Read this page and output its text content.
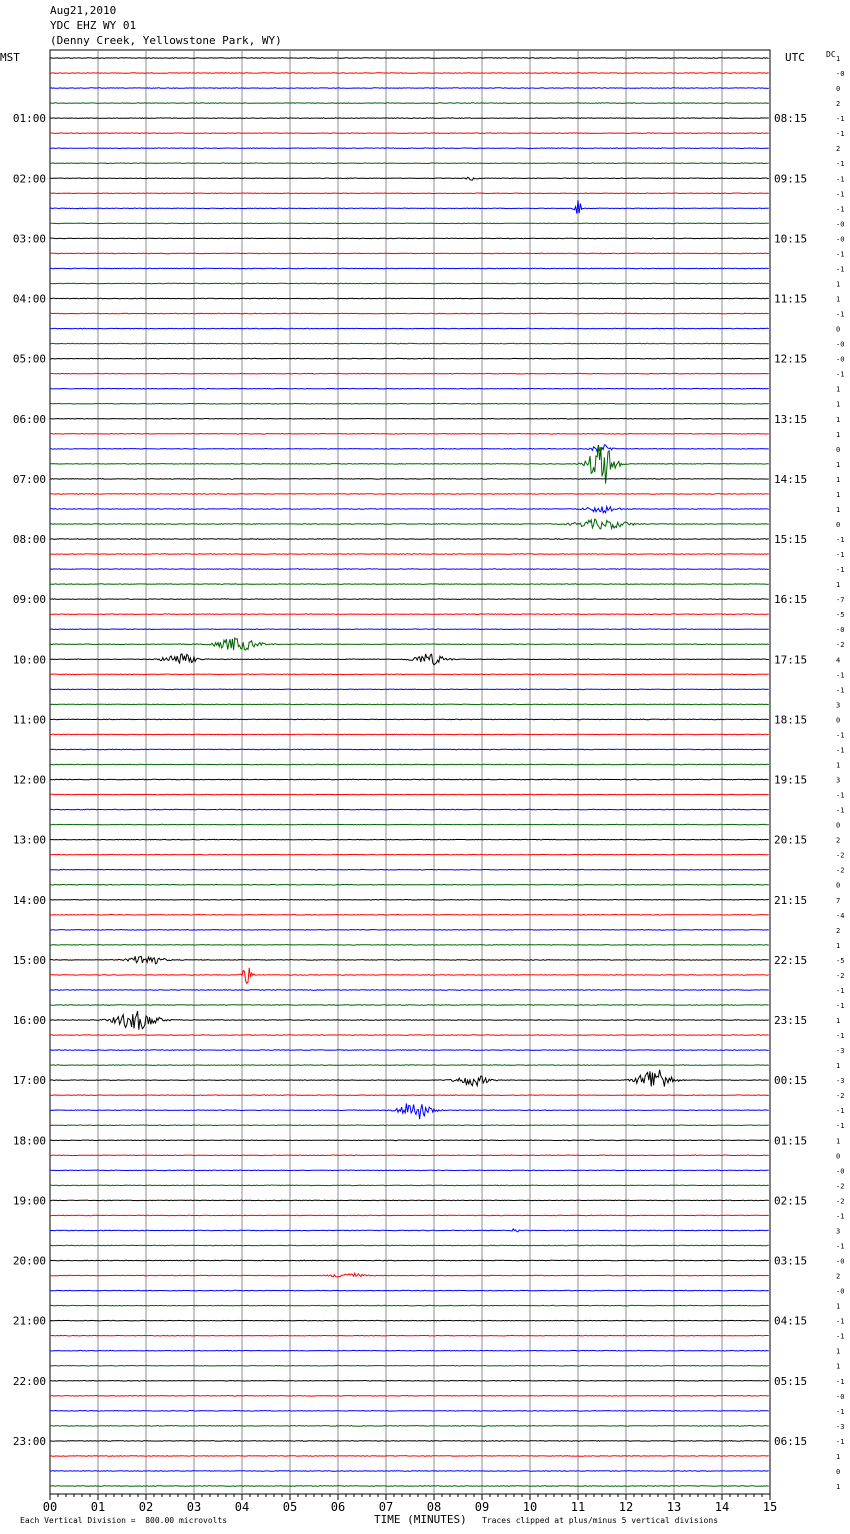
Aug21,2010
YDC EHZ WY 01
(Denny Creek, Yellowstone Park, WY)
MST	UTC	DC
00	01	02	03	04	05	06	07	08	09	10	11	12	13	14	15
1
-0
0
2
-1
-1
2
-1
-1
-1
-1
-0
-0
-1
-1
1
1
-1
0
-0
-0
-1
1
1
1
1
0
1
1
1
1
0
-1
-1
-1
1
-7
-5
-0
-2
4
-1
-1
3
0
-1
-1
1
3
-1
-1
0
2
-2
-2
0
7
-4
2
1
-5
-2
-1
-1
1
-1
-3
1
-3
-2
-1
-1
1
0
-0
-2
-2
-1
3
-1
-0
2
-0
1
-1
-1
1
1
-1
-0
-1
-3
-1
1
0
1
01:00
02:00
03:00
04:00
05:00
06:00
07:00
08:00
09:00
10:00
11:00
12:00
13:00
14:00
15:00
16:00
17:00
18:00
19:00
20:00
21:00
22:00
23:00
08:15
09:15
10:15
11:15
12:15
13:15
14:15
15:15
16:15
17:15
18:15
19:15
20:15
21:15
22:15
23:15
00:15
01:15
02:15
03:15
04:15
05:15
06:15
Each Vertical Division =  800.00 microvolts	TIME (MINUTES) Traces clipped at plus/minus 5 vertical divisions
